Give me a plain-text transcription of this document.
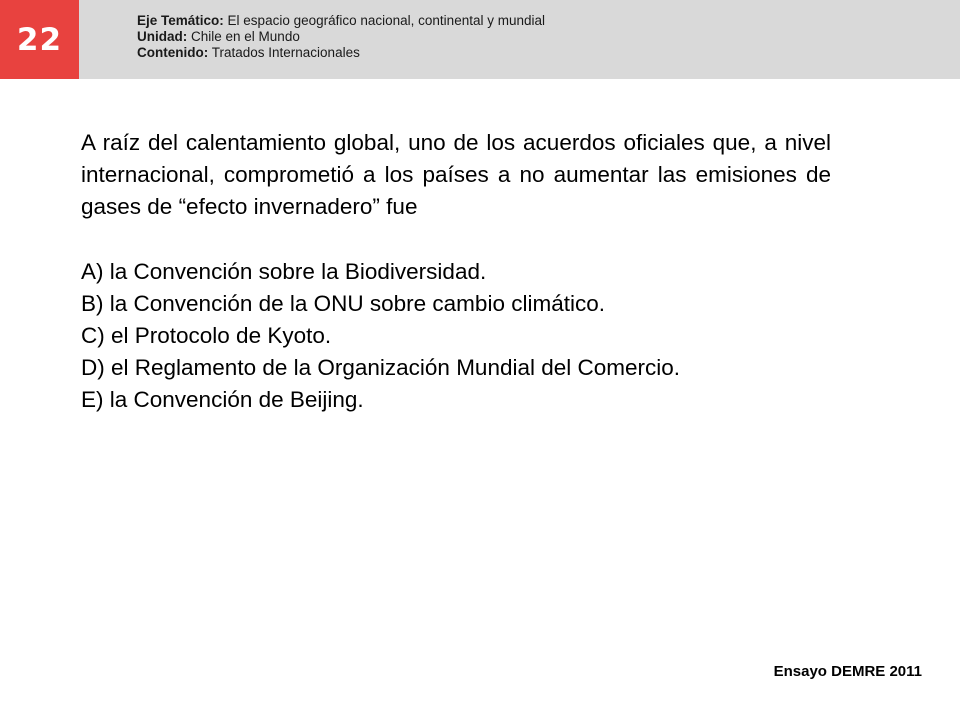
22
Eje Temático: El espacio geográfico nacional, continental y mundial
Unidad: Chile en el Mundo
Contenido: Tratados Internacionales
A raíz del calentamiento global, uno de los acuerdos oficiales que, a nivel internacional, comprometió a los países a no aumentar las emisiones de gases de “efecto invernadero” fue
A) la Convención sobre la Biodiversidad.
B) la Convención de la ONU sobre cambio climático.
C) el Protocolo de Kyoto.
D) el Reglamento de la Organización Mundial del Comercio.
E) la Convención de Beijing.
Ensayo DEMRE 2011
